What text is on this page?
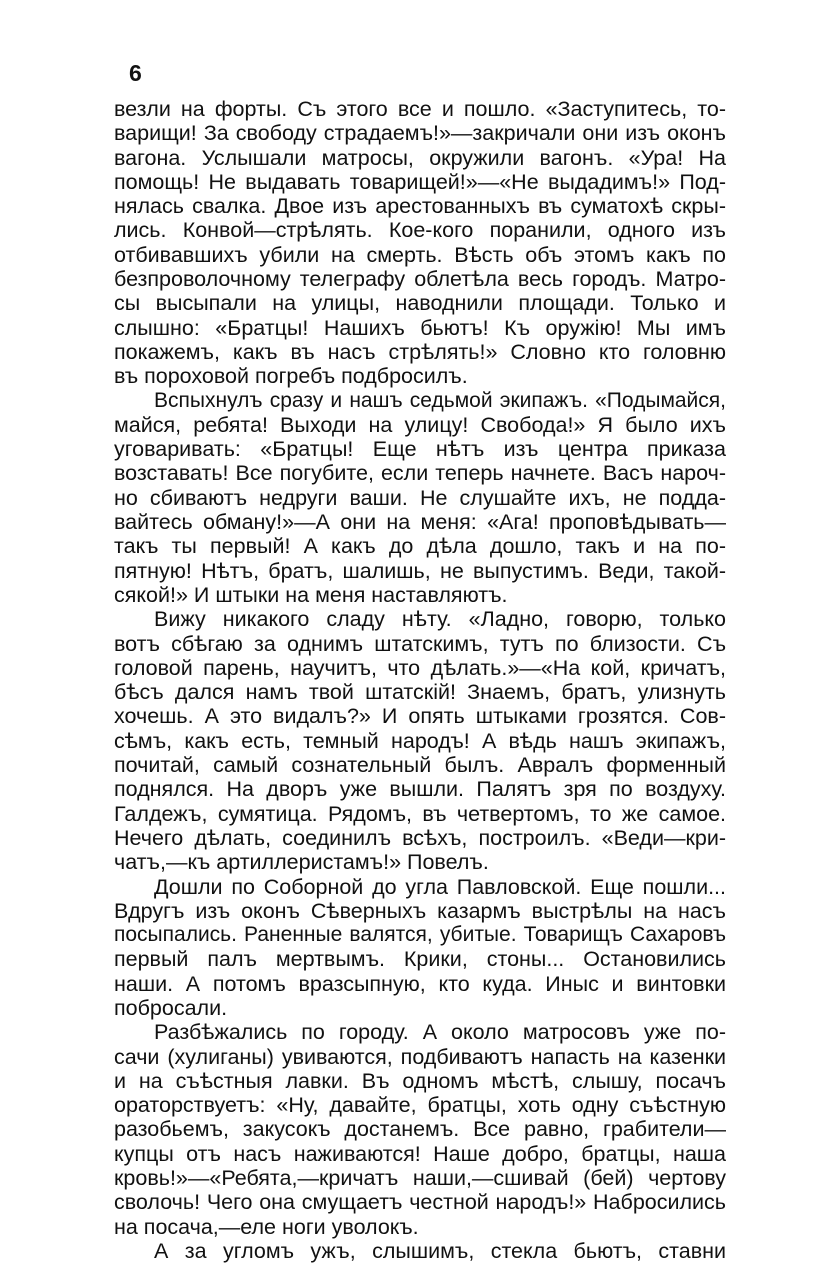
6
везли на форты. Съ этого все и пошло. «Заступитесь, то-
варищи! За свободу страдаемъ!»—закричали они изъ оконъ
вагона. Услышали матросы, окружили вагонъ. «Ура! На
помощь! Не выдавать товарищей!»—«Не выдадимъ!» Под-
нялась свалка. Двое изъ арестованныхъ въ суматохѣ скры-
лись. Конвой—стрѣлять. Кое-кого поранили, одного изъ
отбивавшихъ убили на смерть. Вѣсть объ этомъ какъ по
безпроволочному телеграфу облетѣла весь городъ. Матро-
сы высыпали на улицы, наводнили площади. Только и
слышно: «Братцы! Нашихъ бьютъ! Къ оружiю! Мы имъ
покажемъ, какъ въ насъ стрѣлять!» Словно кто головню
въ пороховой погребъ подбросилъ.
Вспыхнулъ сразу и нашъ седьмой экипажъ. «Подымайся,
майся, ребята! Выходи на улицу! Свобода!» Я было ихъ
уговаривать: «Братцы! Еще нѣтъ изъ центра приказа
возставать! Все погубите, если теперь начнете. Васъ нароч-
но сбиваютъ недруги ваши. Не слушайте ихъ, не подда-
вайтесь обману!»—А они на меня: «Ага! проповѣдывать—
такъ ты первый! А какъ до дѣла дошло, такъ и на по-
пятную! Нѣтъ, братъ, шалишь, не выпустимъ. Веди, такой-
сякой!» И штыки на меня наставляютъ.
Вижу никакого сладу нѣту. «Ладно, говорю, только
вотъ сбѣгаю за однимъ штатскимъ, тутъ по близости. Съ
головой парень, научитъ, что дѣлать.»—«На кой, кричатъ,
бѣсъ дался намъ твой штатскiй! Знаемъ, братъ, улизнуть
хочешь. А это видалъ?» И опять штыками грозятся. Сов-
сѣмъ, какъ есть, темный народъ! А вѣдь нашъ экипажъ,
почитай, самый сознательный былъ. Авралъ форменный
поднялся. На дворъ уже вышли. Палятъ зря по воздуху.
Галдежъ, сумятица. Рядомъ, въ четвертомъ, то же самое.
Нечего дѣлать, соединилъ всѣхъ, построилъ. «Веди—кри-
чатъ,—къ артиллеристамъ!» Повелъ.
Дошли по Соборной до угла Павловской. Еще пошли...
Вдругъ изъ оконъ Сѣверныхъ казармъ выстрѣлы на насъ
посыпались. Раненные валятся, убитые. Товарищъ Сахаровъ
первый палъ мертвымъ. Крики, стоны... Остановились
наши. А потомъ вразсыпную, кто куда. Иныс и винтовки
побросали.
Разбѣжались по городу. А около матросовъ уже по-
сачи (хулиганы) увиваются, подбиваютъ напасть на казенки
и на съѣстныя лавки. Въ одномъ мѣстѣ, слышу, посачъ
ораторствуетъ: «Ну, давайте, братцы, хоть одну съѣстную
разобьемъ, закусокъ достанемъ. Все равно, грабители—
купцы отъ насъ наживаются! Наше добро, братцы, наша
кровь!»—«Ребята,—кричатъ наши,—сшивай (бей) чертову
сволочь! Чего она смущаетъ честной народъ!» Набросились
на посача,—еле ноги уволокъ.
А за угломъ ужъ, слышимъ, стекла бьютъ, ставни
